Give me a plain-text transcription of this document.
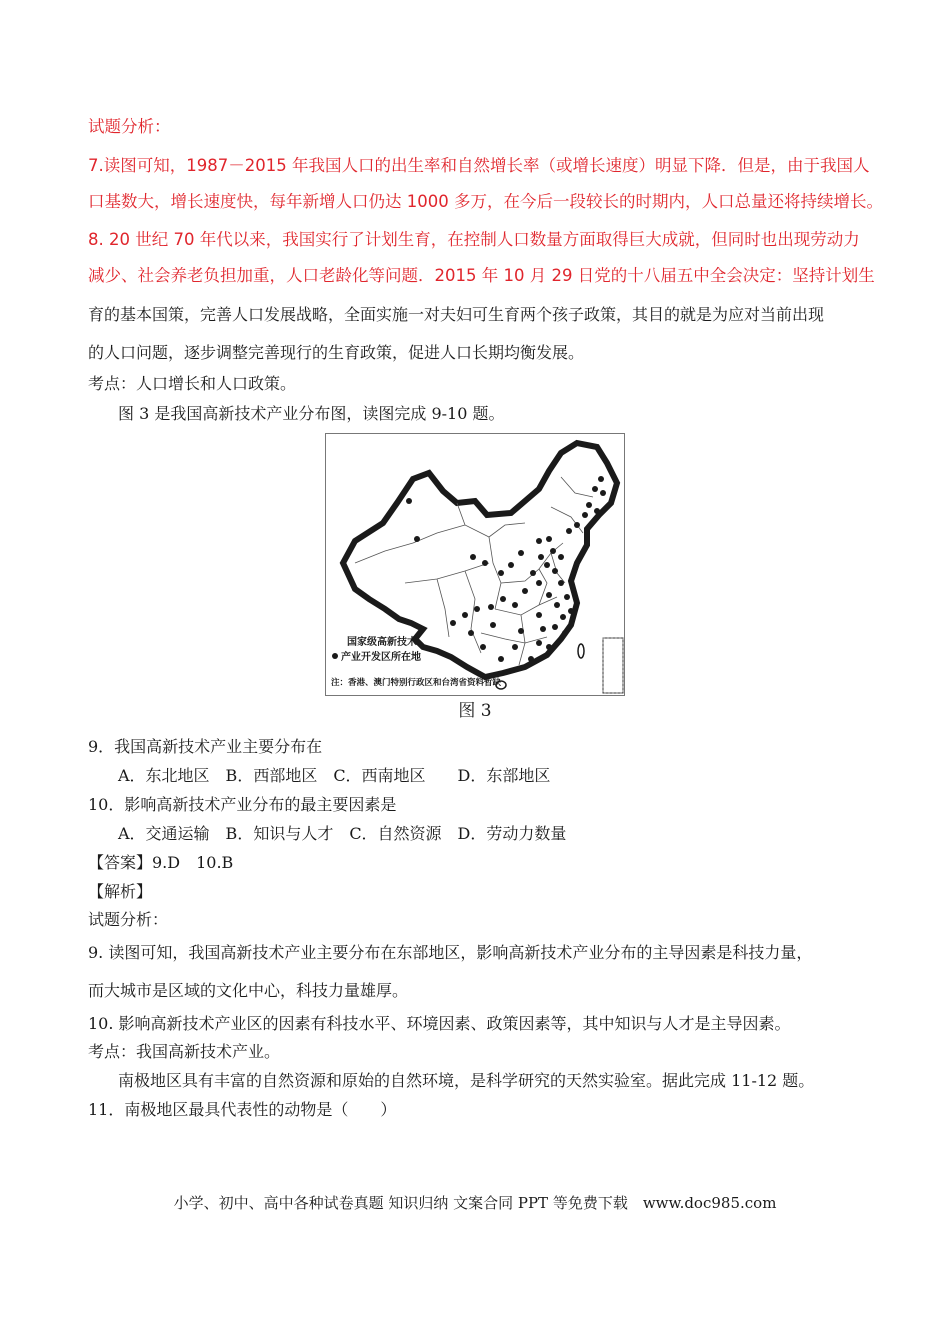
试题分析：
7.读图可知，1987－2015 年我国人口的出生率和自然增长率（或增长速度）明显下降．但是，由于我国人
口基数大，增长速度快，每年新增人口仍达 1000 多万，在今后一段较长的时期内，人口总量还将持续增长。
8. 20 世纪 70 年代以来，我国实行了计划生育，在控制人口数量方面取得巨大成就，但同时也出现劳动力
减少、社会养老负担加重，人口老龄化等问题．2015 年 10 月 29 日党的十八届五中全会决定：坚持计划生
育的基本国策，完善人口发展战略，全面实施一对夫妇可生育两个孩子政策，其目的就是为应对当前出现
的人口问题，逐步调整完善现行的生育政策，促进人口长期均衡发展。
考点：人口增长和人口政策。
图 3 是我国高新技术产业分布图，读图完成 9-10 题。
国家级高新技术
产业开发区所在地
注：香港、澳门特别行政区和台湾省资料暂缺
图 3
9．我国高新技术产业主要分布在
A．东北地区　B．西部地区　C．西南地区　　D．东部地区
10．影响高新技术产业分布的最主要因素是
A．交通运输　B．知识与人才　C．自然资源　D．劳动力数量
【答案】9.D　10.B
【解析】
试题分析：
9. 读图可知，我国高新技术产业主要分布在东部地区，影响高新技术产业分布的主导因素是科技力量，
而大城市是区域的文化中心，科技力量雄厚。
10. 影响高新技术产业区的因素有科技水平、环境因素、政策因素等，其中知识与人才是主导因素。
考点：我国高新技术产业。
南极地区具有丰富的自然资源和原始的自然环境，是科学研究的天然实验室。据此完成 11-12 题。
11．南极地区最具代表性的动物是（　　）
小学、初中、高中各种试卷真题 知识归纳 文案合同 PPT 等免费下载　www.doc985.com
